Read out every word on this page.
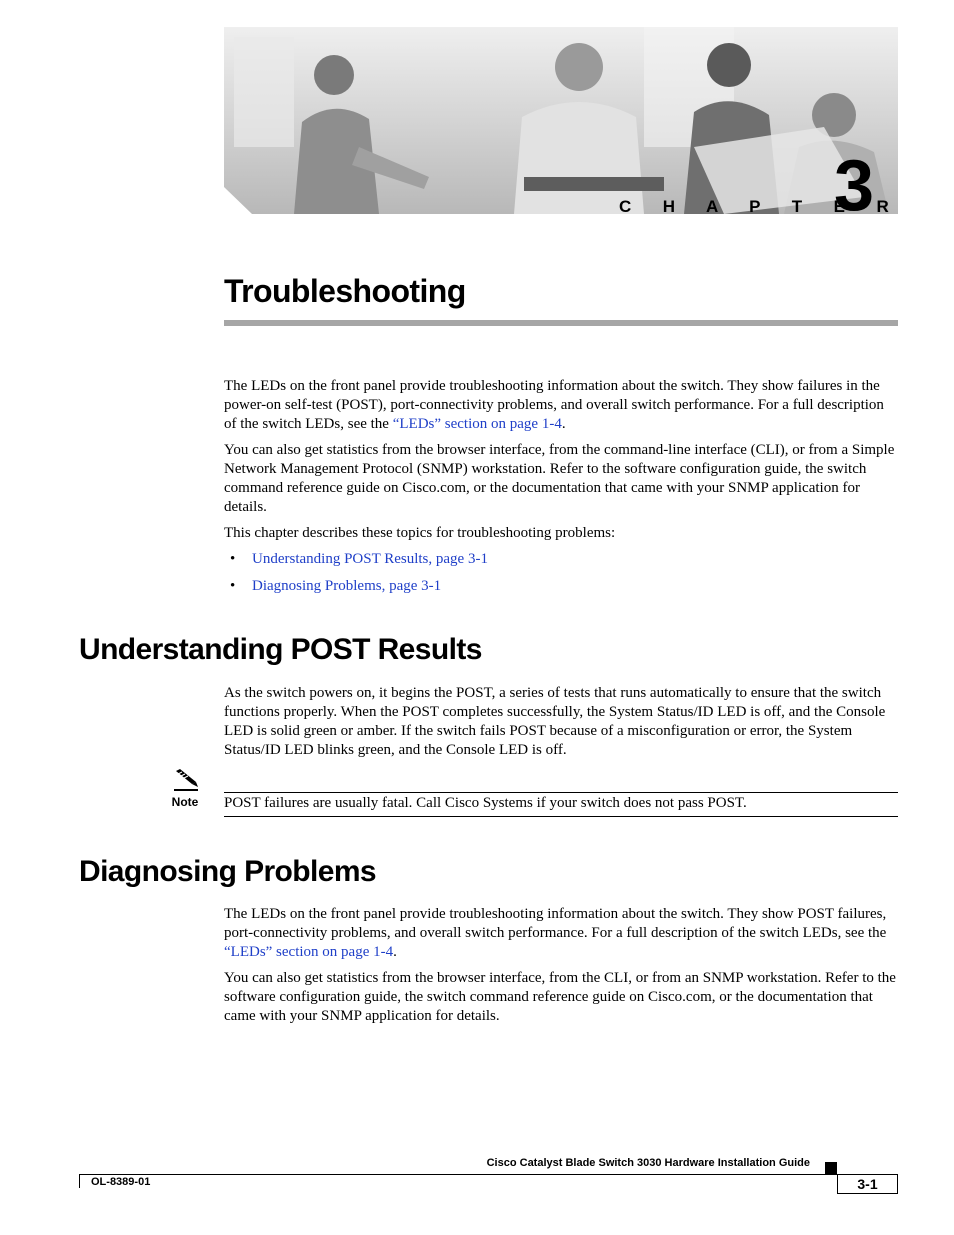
C H A P T E R
3
Troubleshooting

The LEDs on the front panel provide troubleshooting information about the switch. They show failures in the power-on self-test (POST), port-connectivity problems, and overall switch performance. For a full description of the switch LEDs, see the “LEDs” section on page 1-4.

You can also get statistics from the browser interface, from the command-line interface (CLI), or from a Simple Network Management Protocol (SNMP) workstation. Refer to the software configuration guide, the switch command reference guide on Cisco.com, or the documentation that came with your SNMP application for details.

This chapter describes these topics for troubleshooting problems:

• Understanding POST Results, page 3-1
• Diagnosing Problems, page 3-1
Understanding POST Results

As the switch powers on, it begins the POST, a series of tests that runs automatically to ensure that the switch functions properly. When the POST completes successfully, the System Status/ID LED is off, and the Console LED is solid green or amber. If the switch fails POST because of a misconfiguration or error, the System Status/ID LED blinks green, and the Console LED is off.

Note POST failures are usually fatal. Call Cisco Systems if your switch does not pass POST.
Diagnosing Problems

The LEDs on the front panel provide troubleshooting information about the switch. They show POST failures, port-connectivity problems, and overall switch performance. For a full description of the switch LEDs, see the “LEDs” section on page 1-4.

You can also get statistics from the browser interface, from the CLI, or from an SNMP workstation. Refer to the software configuration guide, the switch command reference guide on Cisco.com, or the documentation that came with your SNMP application for details.

Cisco Catalyst Blade Switch 3030 Hardware Installation Guide
OL-8389-01	3-1
